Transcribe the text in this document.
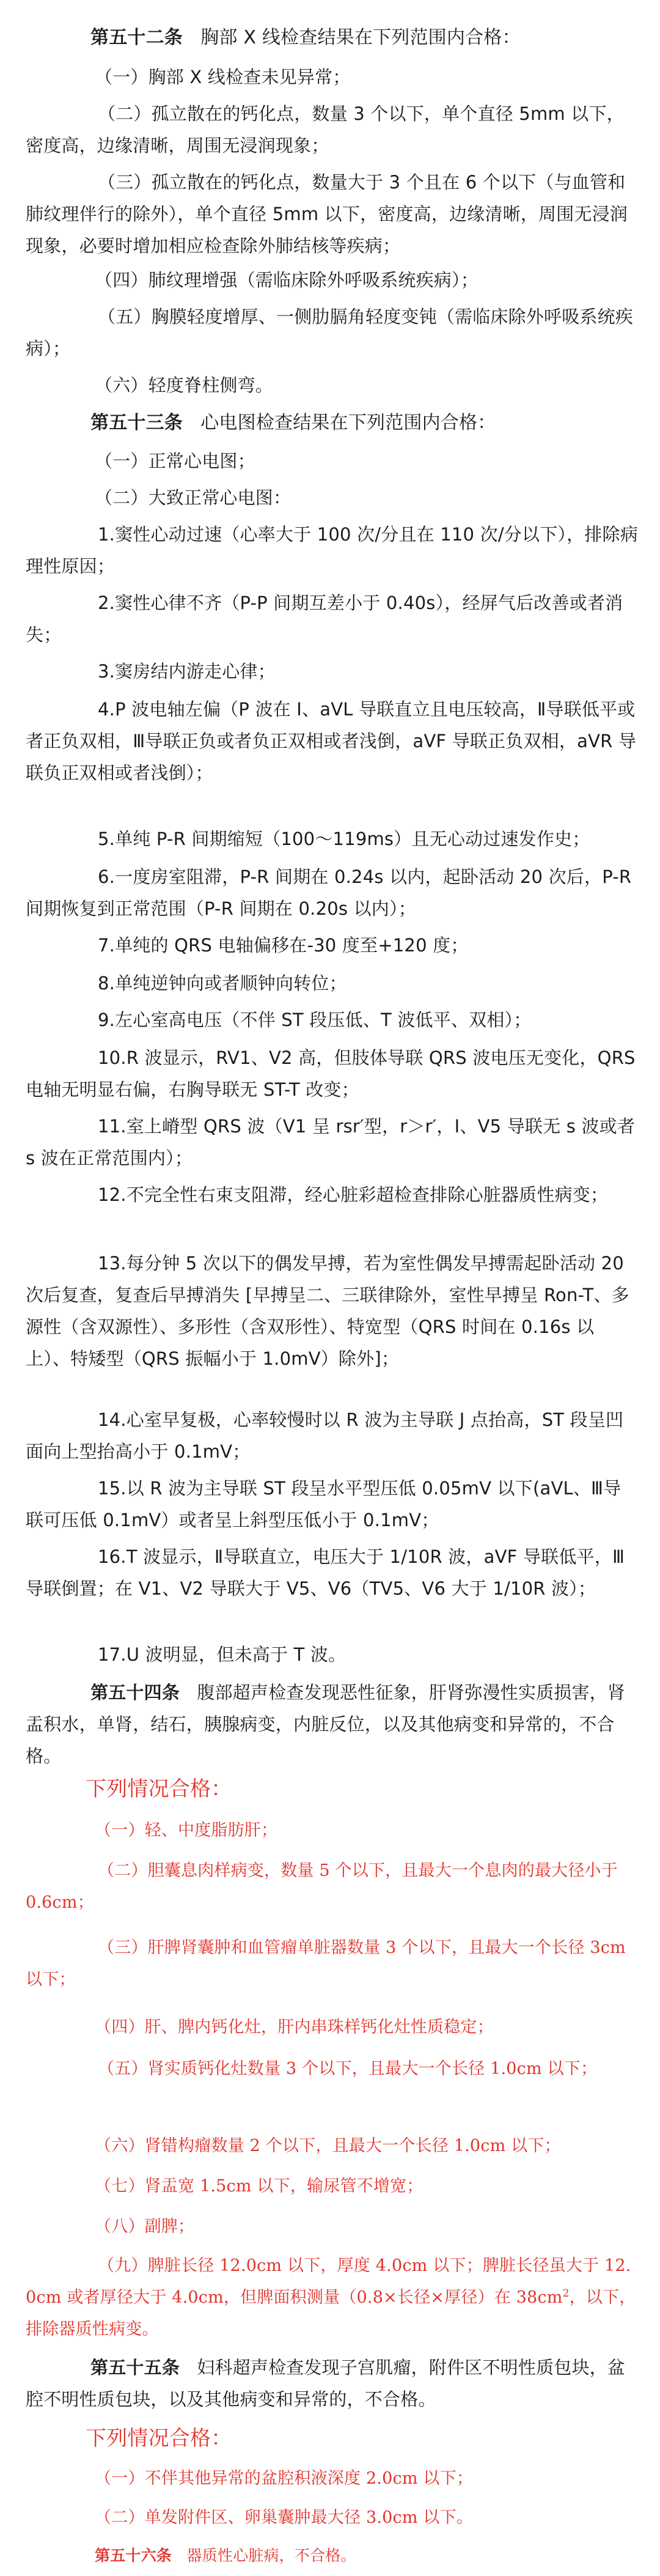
第五十二条 胸部 X 线检查结果在下列范围内合格：

（一）胸部 X 线检查未见异常；

（二）孤立散在的钙化点，数量 3 个以下，单个直径 5mm 以下，密度高，边缘清晰，周围无浸润现象；

（三）孤立散在的钙化点，数量大于 3 个且在 6 个以下（与血管和肺纹理伴行的除外），单个直径 5mm 以下，密度高，边缘清晰，周围无浸润现象，必要时增加相应检查除外肺结核等疾病；

（四）肺纹理增强（需临床除外呼吸系统疾病）；

（五）胸膜轻度增厚、一侧肋膈角轻度变钝（需临床除外呼吸系统疾病）；

（六）轻度脊柱侧弯。

第五十三条 心电图检查结果在下列范围内合格：

（一）正常心电图；

（二）大致正常心电图：

1.窦性心动过速（心率大于 100 次/分且在 110 次/分以下），排除病理性原因；

2.窦性心律不齐（P-P 间期互差小于 0.40s），经屏气后改善或者消失；

3.窦房结内游走心律；

4.P 波电轴左偏（P 波在 I、aVL 导联直立且电压较高，Ⅱ导联低平或者正负双相，Ⅲ导联正负或者负正双相或者浅倒，aVF 导联正负双相，aVR 导联负正双相或者浅倒）；

5.单纯 P-R 间期缩短（100～119ms）且无心动过速发作史；

6.一度房室阻滞，P-R 间期在 0.24s 以内，起卧活动 20 次后，P-R 间期恢复到正常范围（P-R 间期在 0.20s 以内）；

7.单纯的 QRS 电轴偏移在-30 度至+120 度；

8.单纯逆钟向或者顺钟向转位；

9.左心室高电压（不伴 ST 段压低、T 波低平、双相）；

10.R 波显示，RV1、V2 高，但肢体导联 QRS 波电压无变化，QRS 电轴无明显右偏，右胸导联无 ST-T 改变；

11.室上嵴型 QRS 波（V1 呈 rsr′型，r＞r′，I、V5 导联无 s 波或者 s 波在正常范围内）；

12.不完全性右束支阻滞，经心脏彩超检查排除心脏器质性病变；

13.每分钟 5 次以下的偶发早搏，若为室性偶发早搏需起卧活动 20 次后复查，复查后早搏消失 [早搏呈二、三联律除外，室性早搏呈 Ron-T、多源性（含双源性）、多形性（含双形性）、特宽型（QRS 时间在 0.16s 以上）、特矮型（QRS 振幅小于 1.0mV）除外]；

14.心室早复极，心率较慢时以 R 波为主导联 J 点抬高，ST 段呈凹面向上型抬高小于 0.1mV；

15.以 R 波为主导联 ST 段呈水平型压低 0.05mV 以下(aVL、Ⅲ导联可压低 0.1mV）或者呈上斜型压低小于 0.1mV；

16.T 波显示，Ⅱ导联直立，电压大于 1/10R 波，aVF 导联低平，Ⅲ导联倒置；在 V1、V2 导联大于 V5、V6（TV5、V6 大于 1/10R 波）；

17.U 波明显，但未高于 T 波。

第五十四条 腹部超声检查发现恶性征象，肝肾弥漫性实质损害，肾盂积水，单肾，结石，胰腺病变，内脏反位，以及其他病变和异常的，不合格。

下列情况合格：

（一）轻、中度脂肪肝；

（二）胆囊息肉样病变，数量 5 个以下，且最大一个息肉的最大径小于 0.6cm；

（三）肝脾肾囊肿和血管瘤单脏器数量 3 个以下，且最大一个长径 3cm 以下；

（四）肝、脾内钙化灶，肝内串珠样钙化灶性质稳定；

（五）肾实质钙化灶数量 3 个以下，且最大一个长径 1.0cm 以下；

（六）肾错构瘤数量 2 个以下，且最大一个长径 1.0cm 以下；

（七）肾盂宽 1.5cm 以下，输尿管不增宽；

（八）副脾；

（九）脾脏长径 12.0cm 以下，厚度 4.0cm 以下；脾脏长径虽大于 12.0cm 或者厚径大于 4.0cm，但脾面积测量（0.8×长径×厚径）在 $38cm^2$，以下，排除器质性病变。

第五十五条 妇科超声检查发现子宫肌瘤，附件区不明性质包块，盆腔不明性质包块，以及其他病变和异常的，不合格。

下列情况合格：

（一）不伴其他异常的盆腔积液深度 2.0cm 以下；

（二）单发附件区、卵巢囊肿最大径 3.0cm 以下。

第五十六条 器质性心脏病，不合格。
